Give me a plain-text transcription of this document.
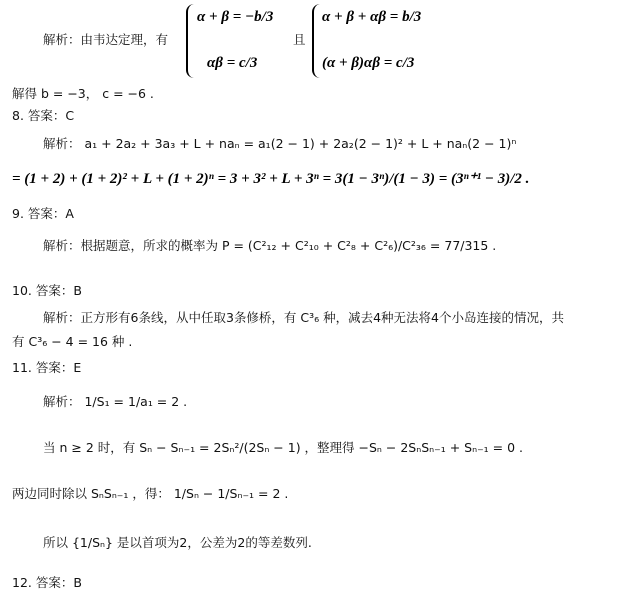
解析：由韦达定理，有
α + β = −b/3
αβ = c/3
且
α + β + αβ = b/3
(α + β)αβ = c/3
解得 b = −3， c = −6 .
8. 答案：C
解析： a₁ + 2a₂ + 3a₃ + L + naₙ = a₁(2 − 1) + 2a₂(2 − 1)² + L + naₙ(2 − 1)ⁿ
= (1 + 2) + (1 + 2)² + L + (1 + 2)ⁿ = 3 + 3² + L + 3ⁿ = 3(1 − 3ⁿ)/(1 − 3) = (3ⁿ⁺¹ − 3)/2 .
9. 答案：A
解析：根据题意，所求的概率为 P = (C²₁₂ + C²₁₀ + C²₈ + C²₆)/C²₃₆ = 77/315 .
10. 答案：B
解析：正方形有6条线，从中任取3条修桥，有 C³₆ 种，减去4种无法将4个小岛连接的情况，共
有 C³₆ − 4 = 16 种 .
11. 答案：E
解析： 1/S₁ = 1/a₁ = 2 .
当 n ≥ 2 时，有 Sₙ − Sₙ₋₁ = 2Sₙ²/(2Sₙ − 1) ，整理得 −Sₙ − 2SₙSₙ₋₁ + Sₙ₋₁ = 0 .
两边同时除以 SₙSₙ₋₁ ，得： 1/Sₙ − 1/Sₙ₋₁ = 2 .
所以 {1/Sₙ} 是以首项为2，公差为2的等差数列.
12. 答案：B
